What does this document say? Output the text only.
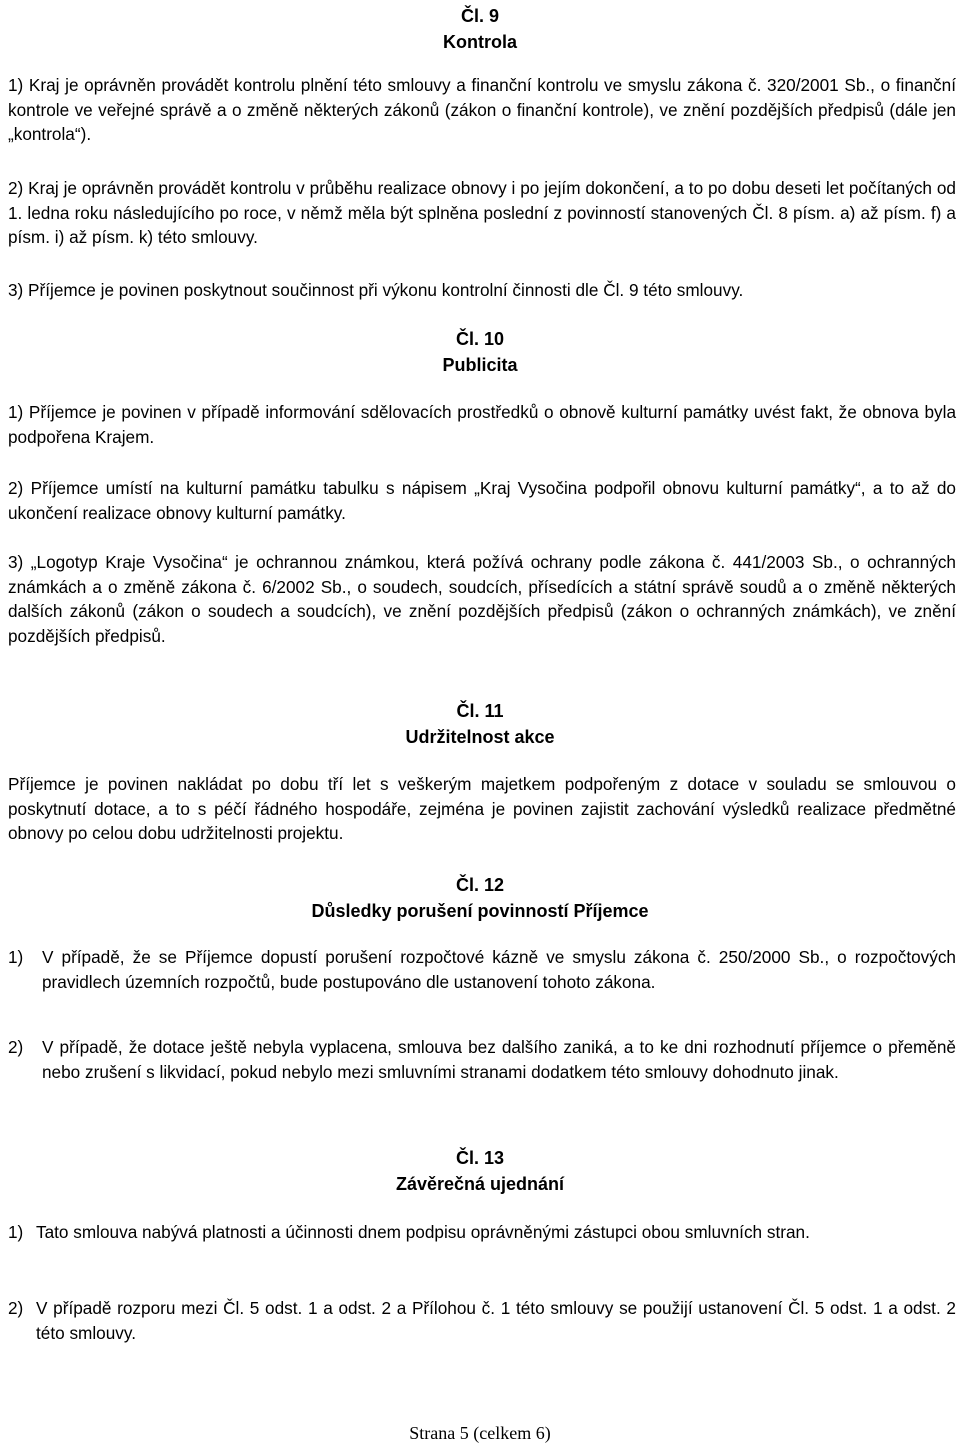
Čl. 9
Kontrola

1) Kraj je oprávněn provádět kontrolu plnění této smlouvy a finanční kontrolu ve smyslu zákona č. 320/2001 Sb., o finanční kontrole ve veřejné správě a o změně některých zákonů (zákon o finanční kontrole), ve znění pozdějších předpisů (dále jen „kontrola“).

2) Kraj je oprávněn provádět kontrolu v průběhu realizace obnovy i po jejím dokončení, a to po dobu deseti let počítaných od 1. ledna roku následujícího po roce, v němž měla být splněna poslední z povinností stanovených Čl. 8 písm. a) až písm. f) a písm. i) až písm. k) této smlouvy.

3) Příjemce je povinen poskytnout součinnost při výkonu kontrolní činnosti dle Čl. 9 této smlouvy.

Čl. 10
Publicita

1) Příjemce je povinen v případě informování sdělovacích prostředků o obnově kulturní památky uvést fakt, že obnova byla podpořena Krajem.

2) Příjemce umístí na kulturní památku tabulku s nápisem „Kraj Vysočina podpořil obnovu kulturní památky“, a to až do ukončení realizace obnovy kulturní památky.

3) „Logotyp Kraje Vysočina“ je ochrannou známkou, která požívá ochrany podle zákona č. 441/2003 Sb., o ochranných známkách a o změně zákona č. 6/2002 Sb., o soudech, soudcích, přísedících a státní správě soudů a o změně některých dalších zákonů (zákon o soudech a soudcích), ve znění pozdějších předpisů (zákon o ochranných známkách), ve znění pozdějších předpisů.

Čl. 11
Udržitelnost akce

Příjemce je povinen nakládat po dobu tří let s veškerým majetkem podpořeným z dotace v souladu se smlouvou o poskytnutí dotace, a to s péčí řádného hospodáře, zejména je povinen zajistit zachování výsledků realizace předmětné obnovy po celou dobu udržitelnosti projektu.

Čl. 12
Důsledky porušení povinností Příjemce
1) V případě, že se Příjemce dopustí porušení rozpočtové kázně ve smyslu zákona č. 250/2000 Sb., o rozpočtových pravidlech územních rozpočtů, bude postupováno dle ustanovení tohoto zákona.
2) V případě, že dotace ještě nebyla vyplacena, smlouva bez dalšího zaniká, a to ke dni rozhodnutí příjemce o přeměně nebo zrušení s likvidací, pokud nebylo mezi smluvními stranami dodatkem této smlouvy dohodnuto jinak.
Čl. 13
Závěrečná ujednání
1) Tato smlouva nabývá platnosti a účinnosti dnem podpisu oprávněnými zástupci obou smluvních stran.
2) V případě rozporu mezi Čl. 5 odst. 1 a odst. 2 a Přílohou č. 1 této smlouvy se použijí ustanovení Čl. 5 odst. 1 a odst. 2 této smlouvy.

Strana 5 (celkem 6)
